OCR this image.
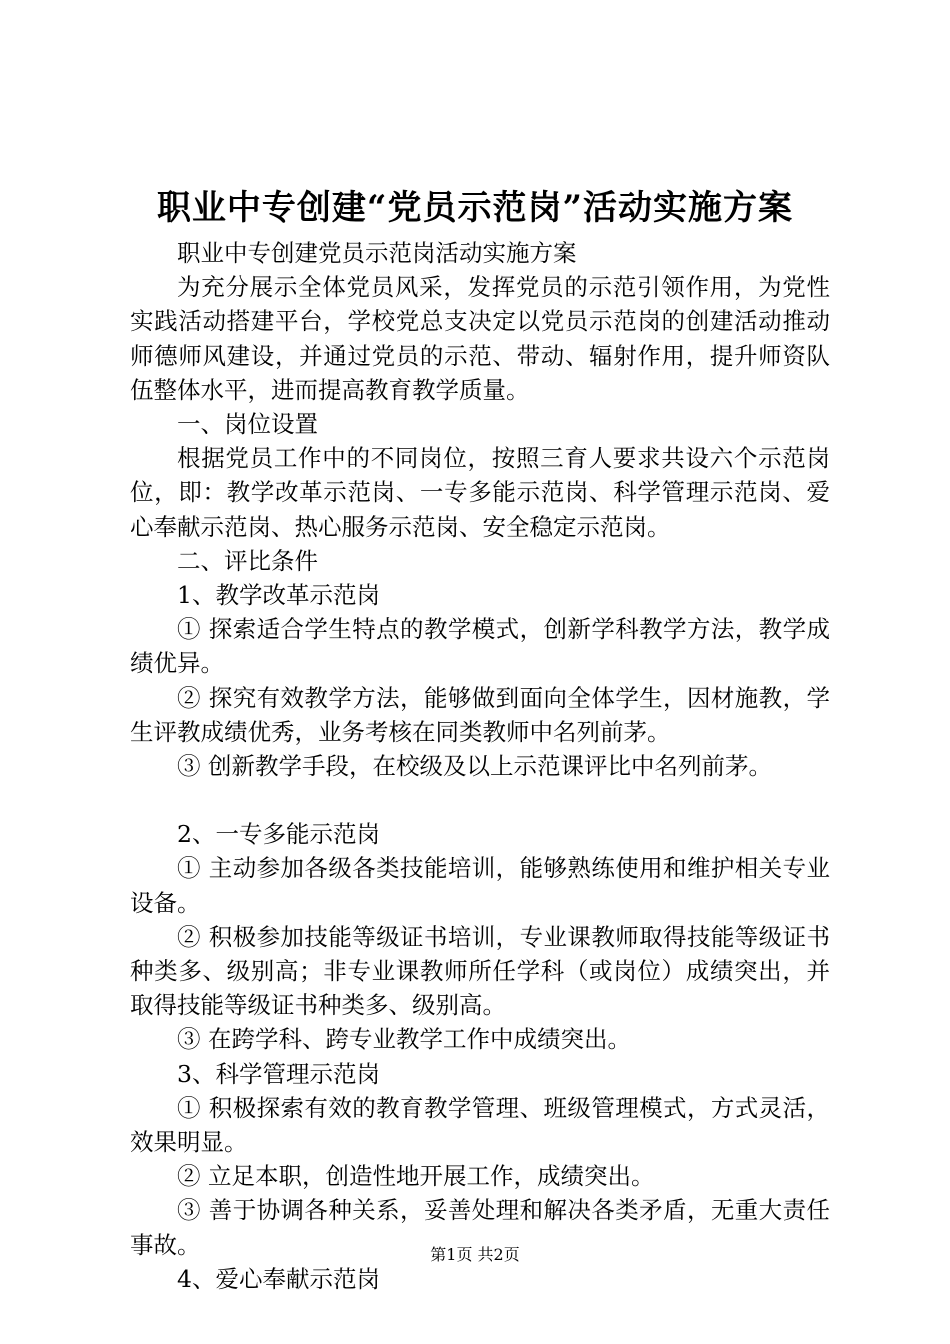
职业中专创建“党员示范岗”活动实施方案

职业中专创建党员示范岗活动实施方案

为充分展示全体党员风采，发挥党员的示范引领作用，为党性实践活动搭建平台，学校党总支决定以党员示范岗的创建活动推动师德师风建设，并通过党员的示范、带动、辐射作用，提升师资队伍整体水平，进而提高教育教学质量。

一、岗位设置

根据党员工作中的不同岗位，按照三育人要求共设六个示范岗位，即：教学改革示范岗、一专多能示范岗、科学管理示范岗、爱心奉献示范岗、热心服务示范岗、安全稳定示范岗。

二、评比条件

1、教学改革示范岗

① 探索适合学生特点的教学模式，创新学科教学方法，教学成绩优异。

② 探究有效教学方法，能够做到面向全体学生，因材施教，学生评教成绩优秀，业务考核在同类教师中名列前茅。

③ 创新教学手段，在校级及以上示范课评比中名列前茅。

2、一专多能示范岗

① 主动参加各级各类技能培训，能够熟练使用和维护相关专业设备。

② 积极参加技能等级证书培训，专业课教师取得技能等级证书种类多、级别高；非专业课教师所任学科（或岗位）成绩突出，并取得技能等级证书种类多、级别高。

③ 在跨学科、跨专业教学工作中成绩突出。

3、科学管理示范岗

① 积极探索有效的教育教学管理、班级管理模式，方式灵活，效果明显。

② 立足本职，创造性地开展工作，成绩突出。

③ 善于协调各种关系，妥善处理和解决各类矛盾，无重大责任事故。

4、爱心奉献示范岗

第1页 共2页
